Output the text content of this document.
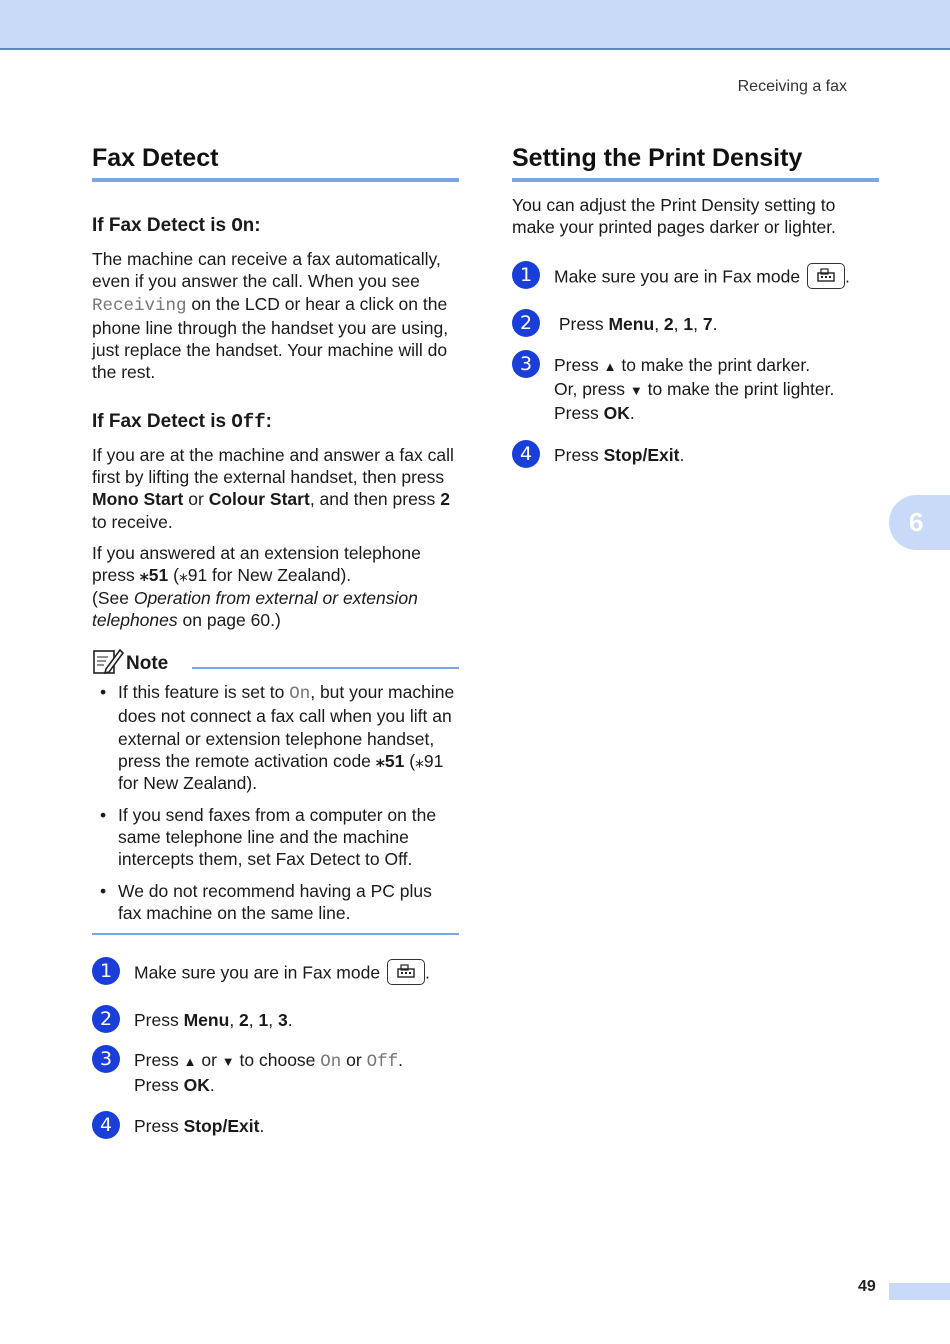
Receiving a fax
Fax Detect
If Fax Detect is On:

The machine can receive a fax automatically, even if you answer the call. When you see Receiving on the LCD or hear a click on the phone line through the handset you are using, just replace the handset. Your machine will do the rest.

If Fax Detect is Off:

If you are at the machine and answer a fax call first by lifting the external handset, then press Mono Start or Colour Start, and then press 2 to receive.

If you answered at an extension telephone press ⁎51 (⁎91 for New Zealand).
(See Operation from external or extension telephones on page 60.)

Note
• If this feature is set to On, but your machine does not connect a fax call when you lift an external or extension telephone handset, press the remote activation code ⁎51 (⁎91 for New Zealand).
• If you send faxes from a computer on the same telephone line and the machine intercepts them, set Fax Detect to Off.
• We do not recommend having a PC plus fax machine on the same line.
1	Make sure you are in Fax mode	.
2	Press Menu, 2, 1, 3.
3	Press ▲ or ▼ to choose On or Off.
Press OK.
4	Press Stop/Exit.
Setting the Print Density

You can adjust the Print Density setting to make your printed pages darker or lighter.

1	Make sure you are in Fax mode	.
2	Press Menu, 2, 1, 7.
3	Press ▲ to make the print darker.
Or, press ▼ to make the print lighter.
Press OK.
4	Press Stop/Exit.
6
49
